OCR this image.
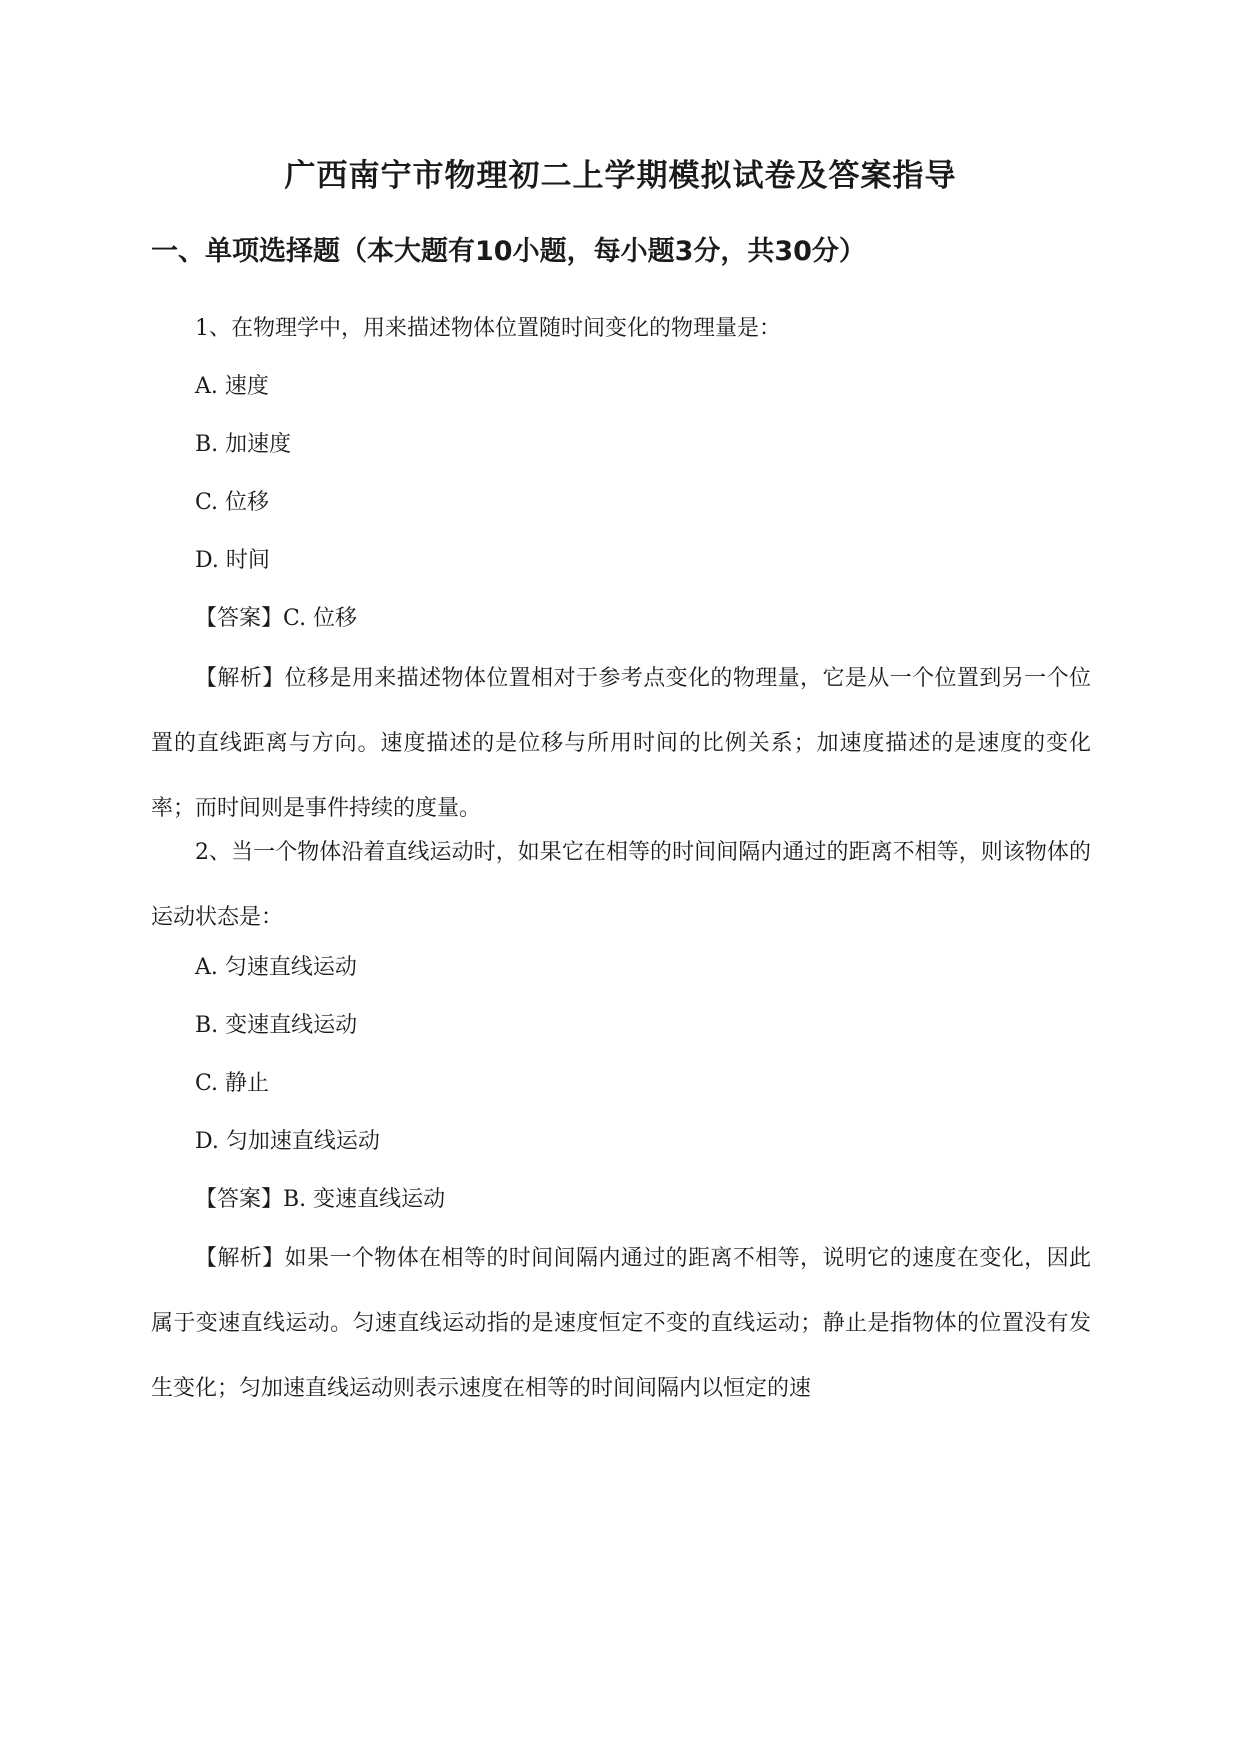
广西南宁市物理初二上学期模拟试卷及答案指导
一、单项选择题（本大题有10小题，每小题3分，共30分）
1、在物理学中，用来描述物体位置随时间变化的物理量是：
A. 速度
B. 加速度
C. 位移
D. 时间
【答案】C. 位移
【解析】位移是用来描述物体位置相对于参考点变化的物理量，它是从一个位置到另一个位置的直线距离与方向。速度描述的是位移与所用时间的比例关系；加速度描述的是速度的变化率；而时间则是事件持续的度量。
2、当一个物体沿着直线运动时，如果它在相等的时间间隔内通过的距离不相等，则该物体的运动状态是：
A. 匀速直线运动
B. 变速直线运动
C. 静止
D. 匀加速直线运动
【答案】B. 变速直线运动
【解析】如果一个物体在相等的时间间隔内通过的距离不相等，说明它的速度在变化，因此属于变速直线运动。匀速直线运动指的是速度恒定不变的直线运动；静止是指物体的位置没有发生变化；匀加速直线运动则表示速度在相等的时间间隔内以恒定的速
